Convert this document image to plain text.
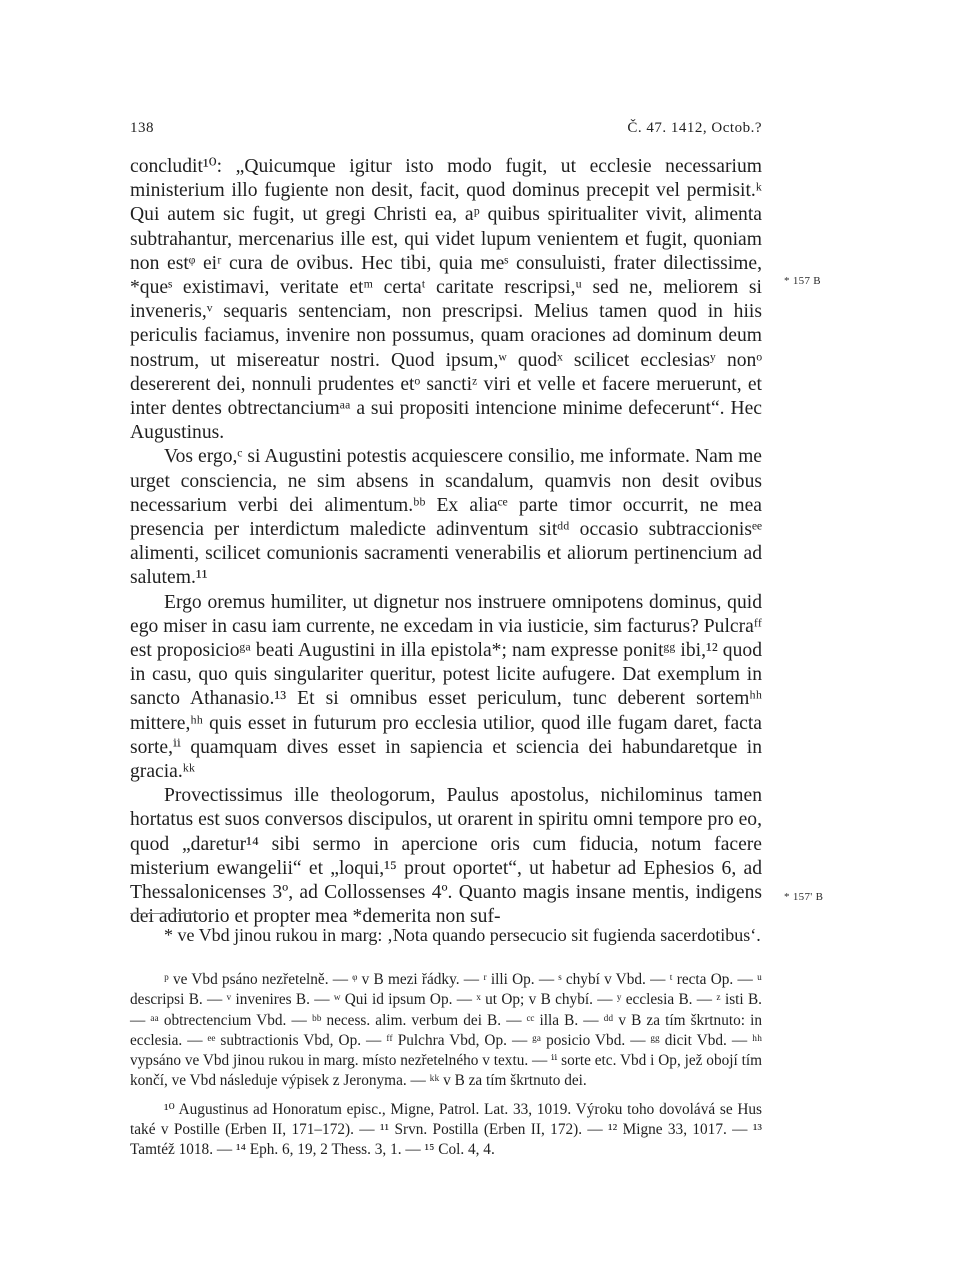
138	Č. 47. 1412, Octob.?

concludit¹⁰: „Quicumque igitur isto modo fugit, ut ecclesie necessarium ministerium illo fugiente non desit, facit, quod dominus precepit vel permisit.ᵏ Qui autem sic fugit, ut gregi Christi ea, aᵖ quibus spiritualiter vivit, alimenta subtrahantur, mercenarius ille est, qui videt lupum venientem et fugit, quoniam non estᵠ eiʳ cura de ovibus. Hec tibi, quia meˢ consuluisti, frater dilectissime, *queˢ existimavi, veritate etᵐ certaᵗ caritate rescripsi,ᵘ sed ne, meliorem si inveneris,ᵛ sequaris sentenciam, non prescripsi. Melius tamen quod in hiis periculis faciamus, invenire non possumus, quam oraciones ad dominum deum nostrum, ut misereatur nostri. Quod ipsum,ʷ quodˣ scilicet ecclesiasʸ nonᵒ desererent dei, nonnuli prudentes etᵒ sanctiᶻ viri et velle et facere meruerunt, et inter dentes obtrectanciumᵃᵃ a sui propositi intencione minime defecerunt“. Hec Augustinus.

Vos ergo,ᶜ si Augustini potestis acquiescere consilio, me informate. Nam me urget consciencia, ne sim absens in scandalum, quamvis non desit ovibus necessarium verbi dei alimentum.ᵇᵇ Ex aliaᶜᵉ parte timor occurrit, ne mea presencia per interdictum maledicte adinventum sitᵈᵈ occasio subtraccionisᵉᵉ alimenti, scilicet comunionis sacramenti venerabilis et aliorum pertinencium ad salutem.¹¹

Ergo oremus humiliter, ut dignetur nos instruere omnipotens dominus, quid ego miser in casu iam currente, ne excedam in via iusticie, sim facturus? Pulcraᶠᶠ est proposicioᵍᵃ beati Augustini in illa epistola*; nam expresse ponitᵍᵍ ibi,¹² quod in casu, quo quis singulariter queritur, potest licite aufugere. Dat exemplum in sancto Athanasio.¹³ Et si omnibus esset periculum, tunc deberent sortemʰʰ mittere,ʰʰ quis esset in futurum pro ecclesia utilior, quod ille fugam daret, facta sorte,ⁱⁱ quamquam dives esset in sapiencia et sciencia dei habundaretque in gracia.ᵏᵏ

Provectissimus ille theologorum, Paulus apostolus, nichilominus tamen hortatus est suos conversos discipulos, ut orarent in spiritu omni tempore pro eo, quod „daretur¹⁴ sibi sermo in apercione oris cum fiducia, notum facere misterium ewangelii“ et „loqui,¹⁵ prout oportet“, ut habetur ad Ephesios 6, ad Thessalonicenses 3º, ad Collossenses 4º. Quanto magis insane mentis, indigens dei adiutorio et propter mea *demerita non suf-

* 157 B
* 157' B
* ve Vbd jinou rukou in marg: ‚Nota quando persecucio sit fugienda sacerdotibus‘.

ᵖ ve Vbd psáno nezřetelně. — ᵠ v B mezi řádky. — ʳ illi Op. — ˢ chybí v Vbd. — ᵗ recta Op. — ᵘ descripsi B. — ᵛ invenires B. — ʷ Qui id ipsum Op. — ˣ ut Op; v B chybí. — ʸ ecclesia B. — ᶻ isti B. — ᵃᵃ obtrectencium Vbd. — ᵇᵇ necess. alim. verbum dei B. — ᶜᶜ illa B. — ᵈᵈ v B za tím škrtnuto: in ecclesia. — ᵉᵉ subtractionis Vbd, Op. — ᶠᶠ Pulchra Vbd, Op. — ᵍᵃ posicio Vbd. — ᵍᵍ dicit Vbd. — ʰʰ vypsáno ve Vbd jinou rukou in marg. místo nezřetelného v textu. — ⁱⁱ sorte etc. Vbd i Op, jež obojí tím končí, ve Vbd následuje výpisek z Jeronyma. — ᵏᵏ v B za tím škrtnuto dei.

¹⁰ Augustinus ad Honoratum episc., Migne, Patrol. Lat. 33, 1019. Výroku toho dovolává se Hus také v Postille (Erben II, 171–172). — ¹¹ Srvn. Postilla (Erben II, 172). — ¹² Migne 33, 1017. — ¹³ Tamtéž 1018. — ¹⁴ Eph. 6, 19, 2 Thess. 3, 1. — ¹⁵ Col. 4, 4.
